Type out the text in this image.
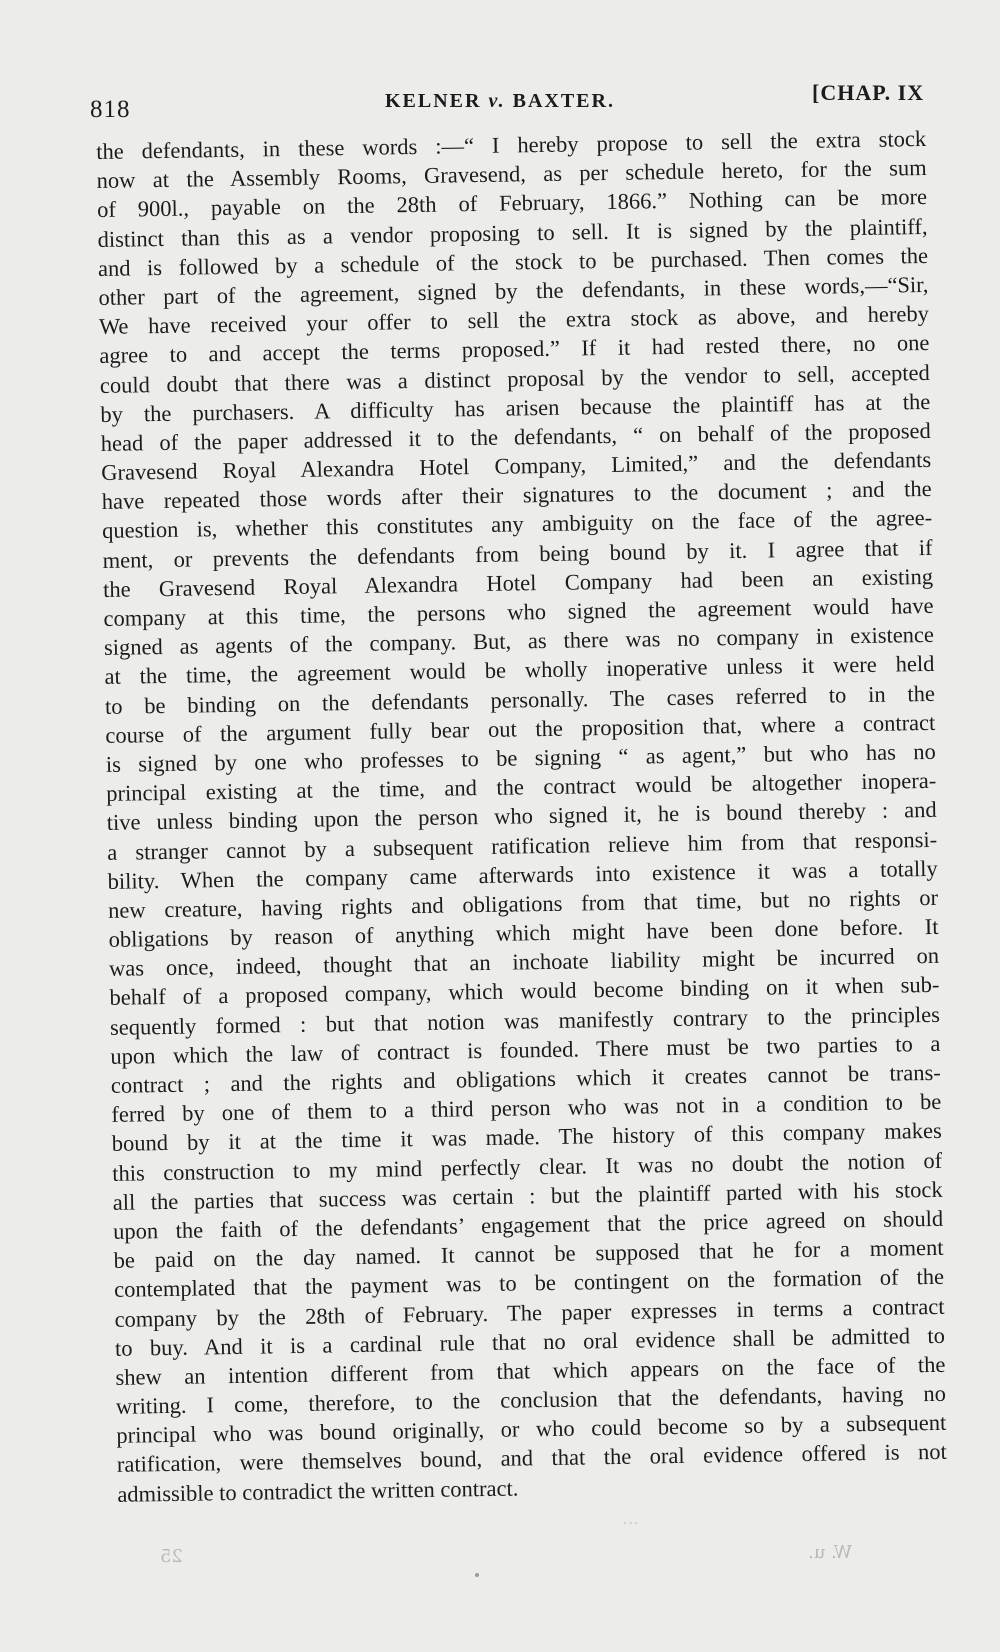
818	KELNER v. BAXTER.	[CHAP. IX
the defendants, in these words :—“ I hereby propose to sell the extra stock
now at the Assembly Rooms, Gravesend, as per schedule hereto, for the sum
of 900l., payable on the 28th of February, 1866.” Nothing can be more
distinct than this as a vendor proposing to sell. It is signed by the plaintiff,
and is followed by a schedule of the stock to be purchased. Then comes the
other part of the agreement, signed by the defendants, in these words,—“Sir,
We have received your offer to sell the extra stock as above, and hereby
agree to and accept the terms proposed.” If it had rested there, no one
could doubt that there was a distinct proposal by the vendor to sell, accepted
by the purchasers. A difficulty has arisen because the plaintiff has at the
head of the paper addressed it to the defendants, “ on behalf of the proposed
Gravesend Royal Alexandra Hotel Company, Limited,” and the defendants
have repeated those words after their signatures to the document ; and the
question is, whether this constitutes any ambiguity on the face of the agree-
ment, or prevents the defendants from being bound by it. I agree that if
the Gravesend Royal Alexandra Hotel Company had been an existing
company at this time, the persons who signed the agreement would have
signed as agents of the company. But, as there was no company in existence
at the time, the agreement would be wholly inoperative unless it were held
to be binding on the defendants personally. The cases referred to in the
course of the argument fully bear out the proposition that, where a contract
is signed by one who professes to be signing “ as agent,” but who has no
principal existing at the time, and the contract would be altogether inopera-
tive unless binding upon the person who signed it, he is bound thereby : and
a stranger cannot by a subsequent ratification relieve him from that responsi-
bility. When the company came afterwards into existence it was a totally
new creature, having rights and obligations from that time, but no rights or
obligations by reason of anything which might have been done before. It
was once, indeed, thought that an inchoate liability might be incurred on
behalf of a proposed company, which would become binding on it when sub-
sequently formed : but that notion was manifestly contrary to the principles
upon which the law of contract is founded. There must be two parties to a
contract ; and the rights and obligations which it creates cannot be trans-
ferred by one of them to a third person who was not in a condition to be
bound by it at the time it was made. The history of this company makes
this construction to my mind perfectly clear. It was no doubt the notion of
all the parties that success was certain : but the plaintiff parted with his stock
upon the faith of the defendants’ engagement that the price agreed on should
be paid on the day named. It cannot be supposed that he for a moment
contemplated that the payment was to be contingent on the formation of the
company by the 28th of February. The paper expresses in terms a contract
to buy. And it is a cardinal rule that no oral evidence shall be admitted to
shew an intention different from that which appears on the face of the
writing. I come, therefore, to the conclusion that the defendants, having no
principal who was bound originally, or who could become so by a subsequent
ratification, were themselves bound, and that the oral evidence offered is not
admissible to contradict the written contract.
25	W. u.
...
